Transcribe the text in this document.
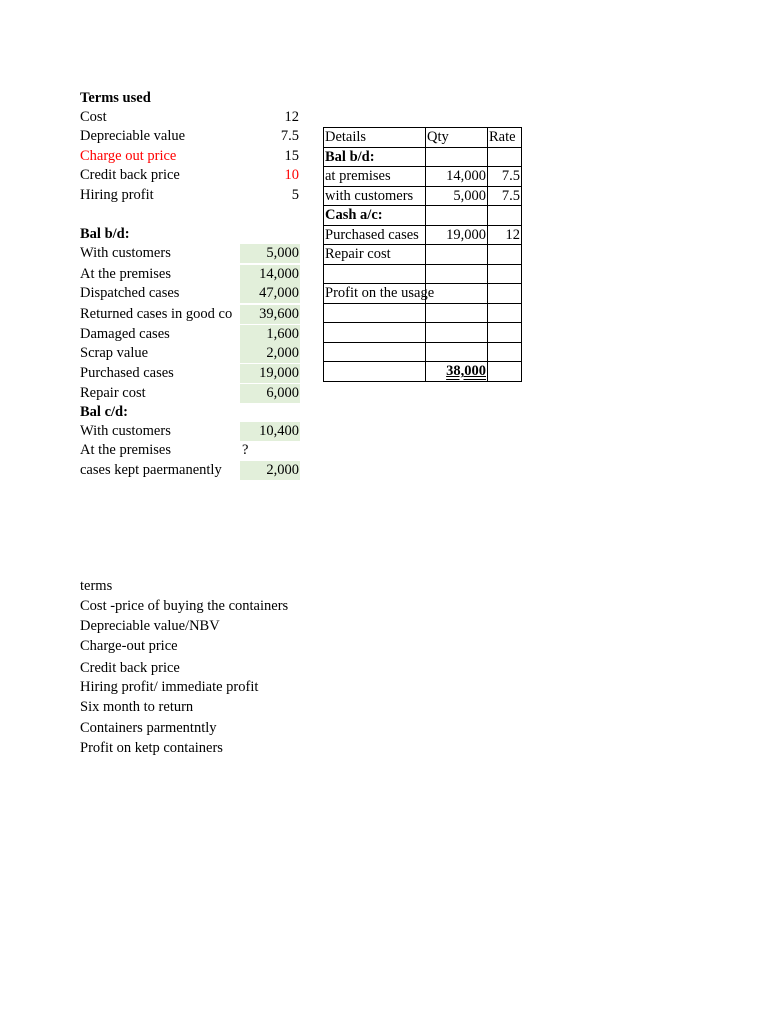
Terms used
Cost	12
Depreciable value	7.5
Charge out price	15
Credit back price	10
Hiring profit	5
Bal b/d:
With customers	5,000
At the premises	14,000
Dispatched cases	47,000
Returned cases in good co	39,600
Damaged cases	1,600
Scrap value	2,000
Purchased cases	19,000
Repair cost	6,000
Bal c/d:
With customers	10,400
At the premises	?
cases kept paermanently	2,000
Details	Qty	Rate
Bal b/d:		
at premises	14,000	7.5
with customers	5,000	7.5
Cash a/c:		
Purchased cases	19,000	12
Repair cost		

Profit on the usage		

	38,000	
terms
Cost -price of buying the containers
Depreciable value/NBV
Charge-out price
Credit back price
Hiring profit/ immediate profit
Six month to return
Containers parmentntly
Profit on ketp containers
